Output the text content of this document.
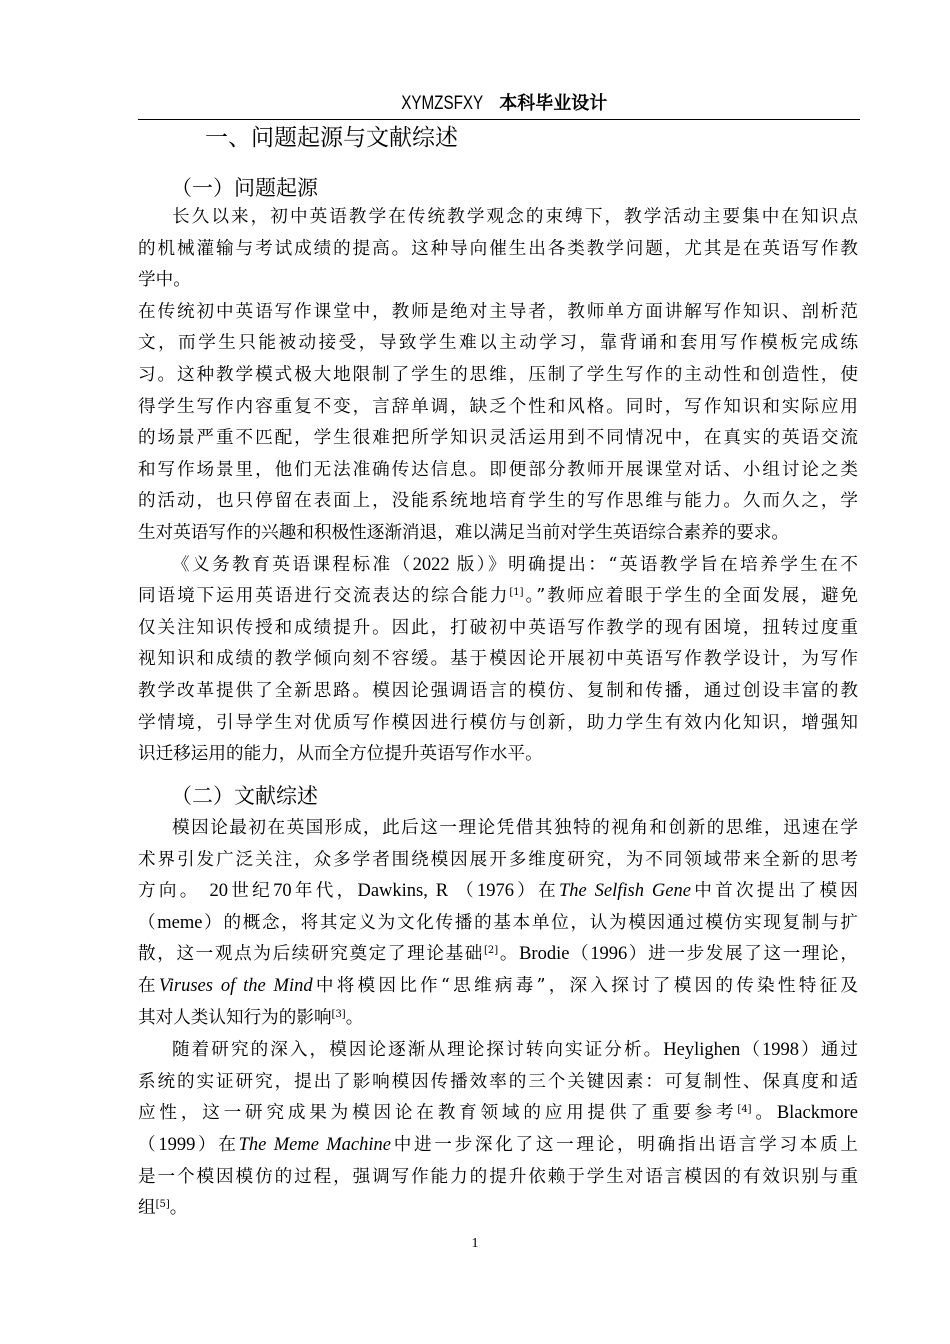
XYMZSFXY 本科毕业设计
一、问题起源与文献综述
（一）问题起源
长久以来，初中英语教学在传统教学观念的束缚下，教学活动主要集中在知识点
的机械灌输与考试成绩的提高。这种导向催生出各类教学问题，尤其是在英语写作教
学中。
在传统初中英语写作课堂中，教师是绝对主导者，教师单方面讲解写作知识、剖析范
文，而学生只能被动接受，导致学生难以主动学习，靠背诵和套用写作模板完成练
习。这种教学模式极大地限制了学生的思维，压制了学生写作的主动性和创造性，使
得学生写作内容重复不变，言辞单调，缺乏个性和风格。同时，写作知识和实际应用
的场景严重不匹配，学生很难把所学知识灵活运用到不同情况中，在真实的英语交流
和写作场景里，他们无法准确传达信息。即便部分教师开展课堂对话、小组讨论之类
的活动，也只停留在表面上，没能系统地培育学生的写作思维与能力。久而久之，学
生对英语写作的兴趣和积极性逐渐消退，难以满足当前对学生英语综合素养的要求。
《义务教育英语课程标准（2022 版）》明确提出：“英语教学旨在培养学生在不
同语境下运用英语进行交流表达的综合能力[1]。”教师应着眼于学生的全面发展，避免
仅关注知识传授和成绩提升。因此，打破初中英语写作教学的现有困境，扭转过度重
视知识和成绩的教学倾向刻不容缓。基于模因论开展初中英语写作教学设计，为写作
教学改革提供了全新思路。模因论强调语言的模仿、复制和传播，通过创设丰富的教
学情境，引导学生对优质写作模因进行模仿与创新，助力学生有效内化知识，增强知
识迁移运用的能力，从而全方位提升英语写作水平。
（二）文献综述
模因论最初在英国形成，此后这一理论凭借其独特的视角和创新的思维，迅速在学
术界引发广泛关注，众多学者围绕模因展开多维度研究，为不同领域带来全新的思考
方向。 20世纪70年代，Dawkins, R （1976）在The Selfish Gene中首次提出了模因
（meme）的概念，将其定义为文化传播的基本单位，认为模因通过模仿实现复制与扩
散，这一观点为后续研究奠定了理论基础[2]。Brodie（1996）进一步发展了这一理论，
在Viruses of the Mind中将模因比作“思维病毒”，深入探讨了模因的传染性特征及
其对人类认知行为的影响[3]。
随着研究的深入，模因论逐渐从理论探讨转向实证分析。Heylighen（1998）通过
系统的实证研究，提出了影响模因传播效率的三个关键因素：可复制性、保真度和适
应性，这一研究成果为模因论在教育领域的应用提供了重要参考[4]。Blackmore
（1999）在The Meme Machine中进一步深化了这一理论，明确指出语言学习本质上
是一个模因模仿的过程，强调写作能力的提升依赖于学生对语言模因的有效识别与重
组[5]。
1
